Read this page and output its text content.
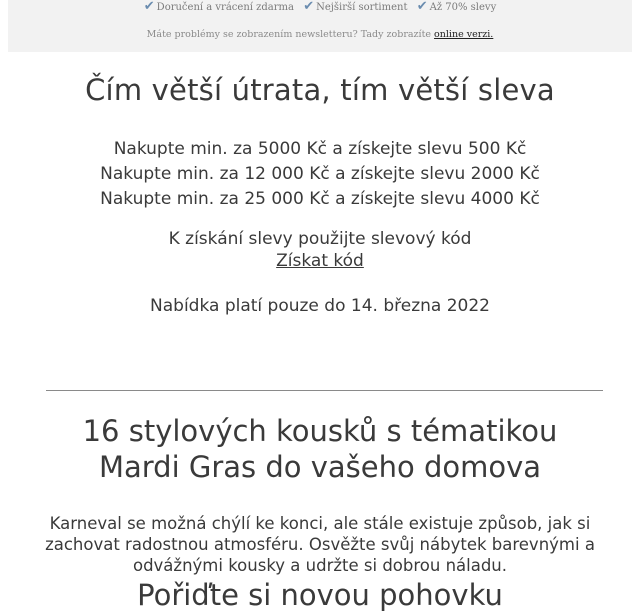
✔ Doručení a vrácení zdarma ✔ Nejširší sortiment ✔ Až 70% slevy
Máte problémy se zobrazením newsletteru? Tady zobrazíte online verzi.
Čím větší útrata, tím větší sleva
Nakupte min. za 5000 Kč a získejte slevu 500 Kč
Nakupte min. za 12 000 Kč a získejte slevu 2000 Kč
Nakupte min. za 25 000 Kč a získejte slevu 4000 Kč
K získání slevy použijte slevový kód
Získat kód
Nabídka platí pouze do 14. března 2022
16 stylových kousků s tématikou Mardi Gras do vašeho domova
Karneval se možná chýlí ke konci, ale stále existuje způsob, jak si zachovat radostnou atmosféru. Osvěžte svůj nábytek barevnými a odvážnými kousky a udržte si dobrou náladu.
Pořiďte si novou pohovku
